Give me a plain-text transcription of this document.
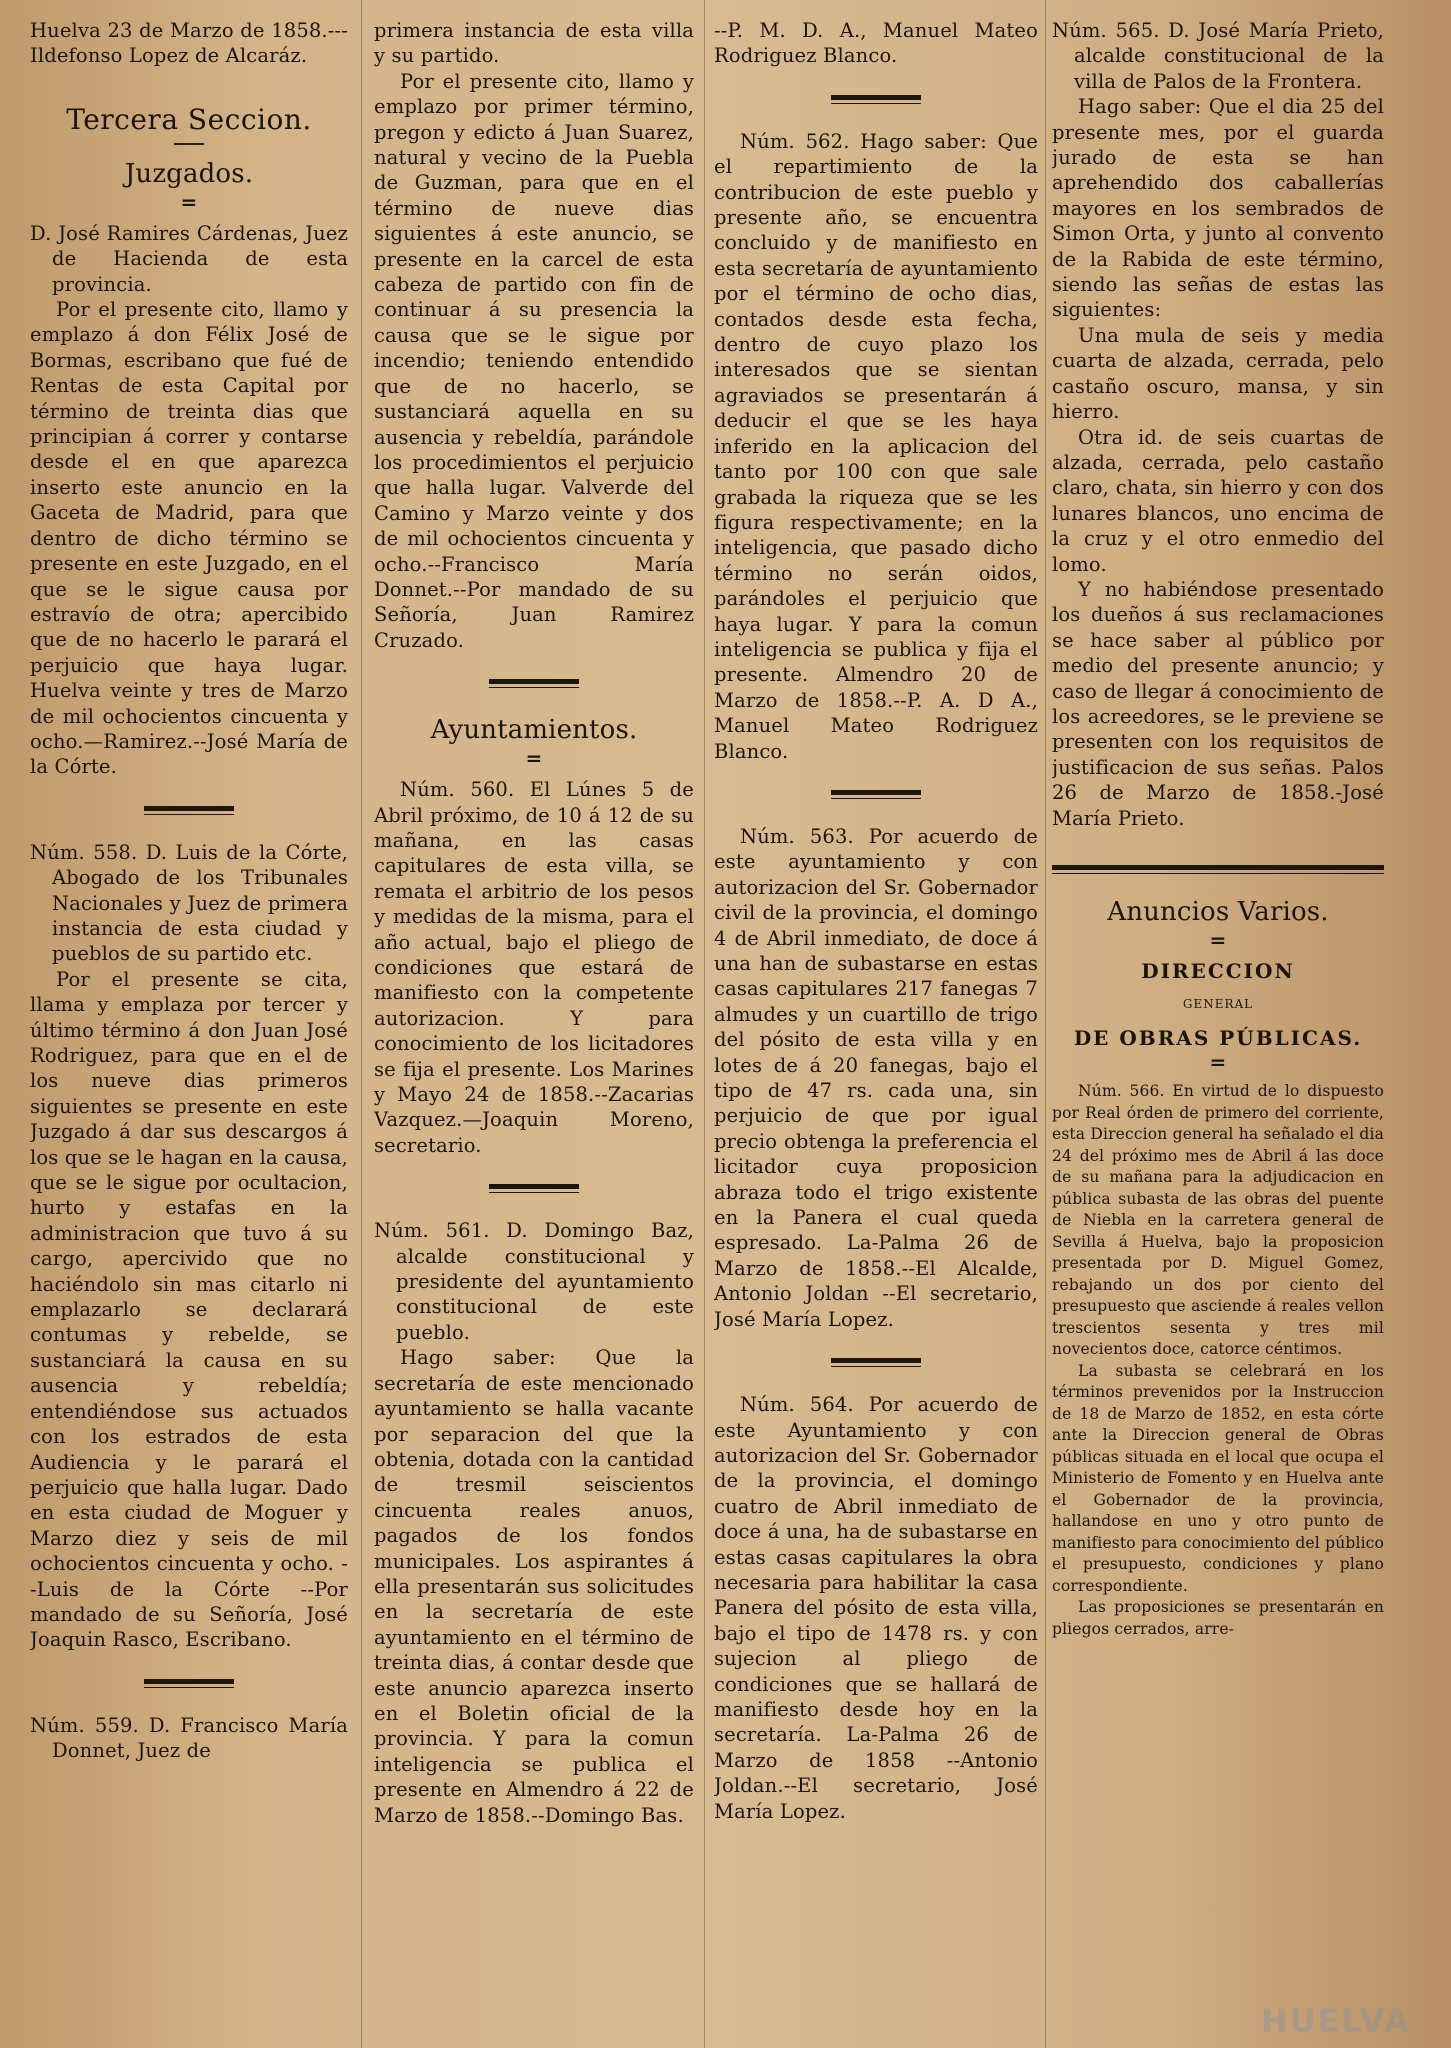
Huelva 23 de Marzo de 1858.---Ildefonso Lopez de Alcaráz.

Tercera Seccion.
Juzgados.
=

D. José Ramires Cárdenas, Juez de Hacienda de esta provincia.

Por el presente cito, llamo y emplazo á don Félix José de Bormas, escribano que fué de Rentas de esta Capital por término de treinta dias que principian á correr y contarse desde el en que aparezca inserto este anuncio en la Gaceta de Madrid, para que dentro de dicho término se presente en este Juzgado, en el que se le sigue causa por estravío de otra; apercibido que de no hacerlo le parará el perjuicio que haya lugar. Huelva veinte y tres de Marzo de mil ochocientos cincuenta y ocho.—Ramirez.--José María de la Córte.

Núm. 558. D. Luis de la Córte, Abogado de los Tribunales Nacionales y Juez de primera instancia de esta ciudad y pueblos de su partido etc.

Por el presente se cita, llama y emplaza por tercer y último término á don Juan José Rodriguez, para que en el de los nueve dias primeros siguientes se presente en este Juzgado á dar sus descargos á los que se le hagan en la causa, que se le sigue por ocultacion, hurto y estafas en la administracion que tuvo á su cargo, apercivido que no haciéndolo sin mas citarlo ni emplazarlo se declarará contumas y rebelde, se sustanciará la causa en su ausencia y rebeldía; entendiéndose sus actuados con los estrados de esta Audiencia y le parará el perjuicio que halla lugar. Dado en esta ciudad de Moguer y Marzo diez y seis de mil ochocientos cincuenta y ocho. --Luis de la Córte --Por mandado de su Señoría, José Joaquin Rasco, Escribano.

Núm. 559. D. Francisco María Donnet, Juez de

primera instancia de esta villa y su partido.

Por el presente cito, llamo y emplazo por primer término, pregon y edicto á Juan Suarez, natural y vecino de la Puebla de Guzman, para que en el término de nueve dias siguientes á este anuncio, se presente en la carcel de esta cabeza de partido con fin de continuar á su presencia la causa que se le sigue por incendio; teniendo entendido que de no hacerlo, se sustanciará aquella en su ausencia y rebeldía, parándole los procedimientos el perjuicio que halla lugar. Valverde del Camino y Marzo veinte y dos de mil ochocientos cincuenta y ocho.--Francisco María Donnet.--Por mandado de su Señoría, Juan Ramirez Cruzado.

Ayuntamientos.
=

Núm. 560. El Lúnes 5 de Abril próximo, de 10 á 12 de su mañana, en las casas capitulares de esta villa, se remata el arbitrio de los pesos y medidas de la misma, para el año actual, bajo el pliego de condiciones que estará de manifiesto con la competente autorizacion. Y para conocimiento de los licitadores se fija el presente. Los Marines y Mayo 24 de 1858.--Zacarias Vazquez.—Joaquin Moreno, secretario.

Núm. 561. D. Domingo Baz, alcalde constitucional y presidente del ayuntamiento constitucional de este pueblo.

Hago saber: Que la secretaría de este mencionado ayuntamiento se halla vacante por separacion del que la obtenia, dotada con la cantidad de tresmil seiscientos cincuenta reales anuos, pagados de los fondos municipales. Los aspirantes á ella presentarán sus solicitudes en la secretaría de este ayuntamiento en el término de treinta dias, á contar desde que este anuncio aparezca inserto en el Boletin oficial de la provincia. Y para la comun inteligencia se publica el presente en Almendro á 22 de Marzo de 1858.--Domingo Bas.

--P. M. D. A., Manuel Mateo Rodriguez Blanco.

Núm. 562. Hago saber: Que el repartimiento de la contribucion de este pueblo y presente año, se encuentra concluido y de manifiesto en esta secretaría de ayuntamiento por el término de ocho dias, contados desde esta fecha, dentro de cuyo plazo los interesados que se sientan agraviados se presentarán á deducir el que se les haya inferido en la aplicacion del tanto por 100 con que sale grabada la riqueza que se les figura respectivamente; en la inteligencia, que pasado dicho término no serán oidos, parándoles el perjuicio que haya lugar. Y para la comun inteligencia se publica y fija el presente. Almendro 20 de Marzo de 1858.--P. A. D A., Manuel Mateo Rodriguez Blanco.

Núm. 563. Por acuerdo de este ayuntamiento y con autorizacion del Sr. Gobernador civil de la provincia, el domingo 4 de Abril inmediato, de doce á una han de subastarse en estas casas capitulares 217 fanegas 7 almudes y un cuartillo de trigo del pósito de esta villa y en lotes de á 20 fanegas, bajo el tipo de 47 rs. cada una, sin perjuicio de que por igual precio obtenga la preferencia el licitador cuya proposicion abraza todo el trigo existente en la Panera el cual queda espresado. La-Palma 26 de Marzo de 1858.--El Alcalde, Antonio Joldan --El secretario, José María Lopez.

Núm. 564. Por acuerdo de este Ayuntamiento y con autorizacion del Sr. Gobernador de la provincia, el domingo cuatro de Abril inmediato de doce á una, ha de subastarse en estas casas capitulares la obra necesaria para habilitar la casa Panera del pósito de esta villa, bajo el tipo de 1478 rs. y con sujecion al pliego de condiciones que se hallará de manifiesto desde hoy en la secretaría. La-Palma 26 de Marzo de 1858 --Antonio Joldan.--El secretario, José María Lopez.

Núm. 565. D. José María Prieto, alcalde constitucional de la villa de Palos de la Frontera.

Hago saber: Que el dia 25 del presente mes, por el guarda jurado de esta se han aprehendido dos caballerías mayores en los sembrados de Simon Orta, y junto al convento de la Rabida de este término, siendo las señas de estas las siguientes:

Una mula de seis y media cuarta de alzada, cerrada, pelo castaño oscuro, mansa, y sin hierro.

Otra id. de seis cuartas de alzada, cerrada, pelo castaño claro, chata, sin hierro y con dos lunares blancos, uno encima de la cruz y el otro enmedio del lomo.

Y no habiéndose presentado los dueños á sus reclamaciones se hace saber al público por medio del presente anuncio; y caso de llegar á conocimiento de los acreedores, se le previene se presenten con los requisitos de justificacion de sus señas. Palos 26 de Marzo de 1858.-José María Prieto.

Anuncios Varios.
=
DIRECCION
GENERAL
DE OBRAS PÚBLICAS.
=

Núm. 566. En virtud de lo dispuesto por Real órden de primero del corriente, esta Direccion general ha señalado el dia 24 del próximo mes de Abril á las doce de su mañana para la adjudicacion en pública subasta de las obras del puente de Niebla en la carretera general de Sevilla á Huelva, bajo la proposicion presentada por D. Miguel Gomez, rebajando un dos por ciento del presupuesto que asciende á reales vellon trescientos sesenta y tres mil novecientos doce, catorce céntimos.

La subasta se celebrará en los términos prevenidos por la Instruccion de 18 de Marzo de 1852, en esta córte ante la Direccion general de Obras públicas situada en el local que ocupa el Ministerio de Fomento y en Huelva ante el Gobernador de la provincia, hallandose en uno y otro punto de manifiesto para conocimiento del público el presupuesto, condiciones y plano correspondiente.

Las proposiciones se presentarán en pliegos cerrados, arre-

HUELVA
